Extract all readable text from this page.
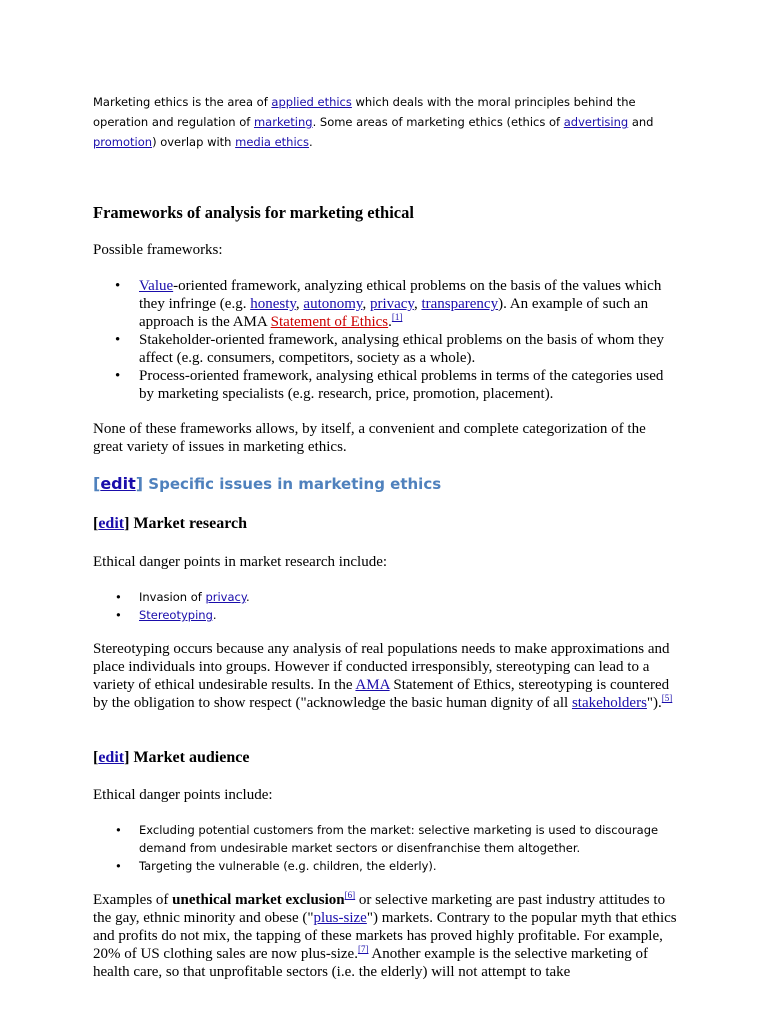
Marketing ethics is the area of applied ethics which deals with the moral principles behind the operation and regulation of marketing. Some areas of marketing ethics (ethics of advertising and promotion) overlap with media ethics.
Frameworks of analysis for marketing ethical
Possible frameworks:
• Value-oriented framework, analyzing ethical problems on the basis of the values which they infringe (e.g. honesty, autonomy, privacy, transparency). An example of such an approach is the AMA Statement of Ethics.[1]
• Stakeholder-oriented framework, analysing ethical problems on the basis of whom they affect (e.g. consumers, competitors, society as a whole).
• Process-oriented framework, analysing ethical problems in terms of the categories used by marketing specialists (e.g. research, price, promotion, placement).
None of these frameworks allows, by itself, a convenient and complete categorization of the great variety of issues in marketing ethics.
[edit] Specific issues in marketing ethics
[edit] Market research
Ethical danger points in market research include:
• Invasion of privacy.
• Stereotyping.
Stereotyping occurs because any analysis of real populations needs to make approximations and place individuals into groups. However if conducted irresponsibly, stereotyping can lead to a variety of ethical undesirable results. In the AMA Statement of Ethics, stereotyping is countered by the obligation to show respect ("acknowledge the basic human dignity of all stakeholders").[5]
[edit] Market audience
Ethical danger points include:
• Excluding potential customers from the market: selective marketing is used to discourage demand from undesirable market sectors or disenfranchise them altogether.
• Targeting the vulnerable (e.g. children, the elderly).
Examples of unethical market exclusion[6] or selective marketing are past industry attitudes to the gay, ethnic minority and obese ("plus-size") markets. Contrary to the popular myth that ethics and profits do not mix, the tapping of these markets has proved highly profitable. For example, 20% of US clothing sales are now plus-size.[7] Another example is the selective marketing of health care, so that unprofitable sectors (i.e. the elderly) will not attempt to take
